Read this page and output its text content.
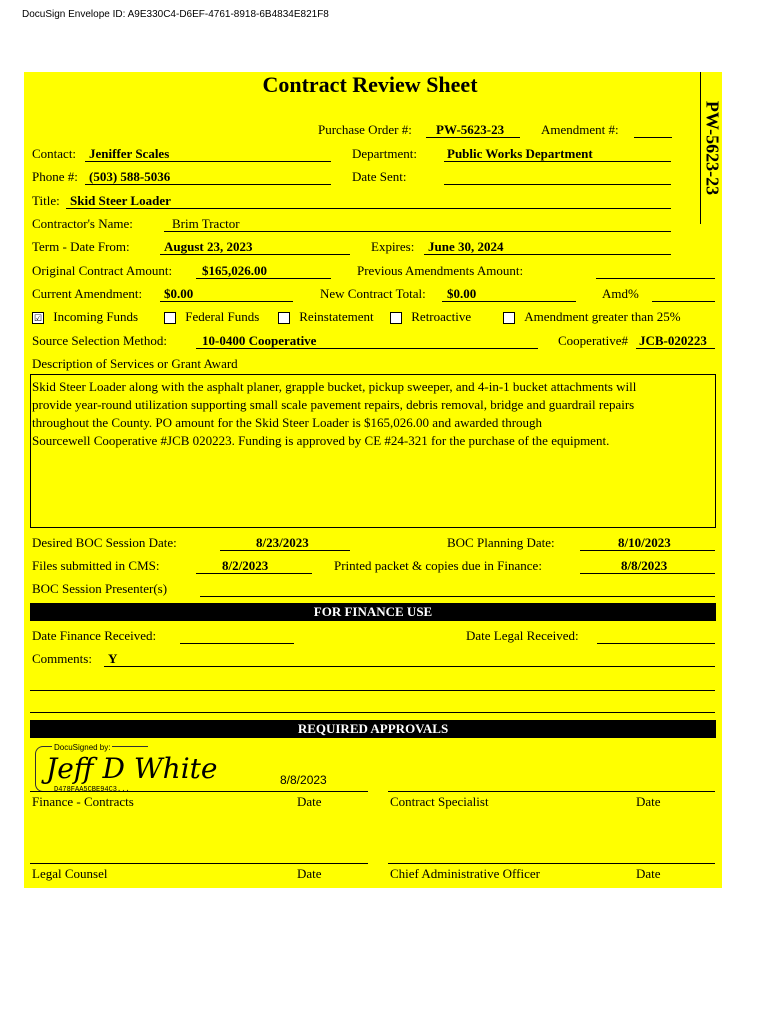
DocuSign Envelope ID: A9E330C4-D6EF-4761-8918-6B4834E821F8
Contract Review Sheet
PW-5623-23
Purchase Order #: PW-5623-23	Amendment #:
Contact: Jeniffer Scales	Department: Public Works Department
Phone #: (503) 588-5036	Date Sent:
Title: Skid Steer Loader
Contractor's Name:	Brim Tractor
Term - Date From:	August 23, 2023	Expires: June 30, 2024
Original Contract Amount: $165,026.00	Previous Amendments Amount:
Current Amendment: $0.00	New Contract Total: $0.00	Amd%
☑ Incoming Funds	Federal Funds	Reinstatement	Retroactive	Amendment greater than 25%
Source Selection Method:	10-0400 Cooperative	Cooperative# JCB-020223
Description of Services or Grant Award
Skid Steer Loader along with the asphalt planer, grapple bucket, pickup sweeper, and 4-in-1 bucket attachments will
provide year-round utilization supporting small scale pavement repairs, debris removal, bridge and guardrail repairs
throughout the County. PO amount for the Skid Steer Loader is $165,026.00 and awarded through
Sourcewell Cooperative #JCB 020223. Funding is approved by CE #24-321 for the purchase of the equipment.
Desired BOC Session Date:	8/23/2023	BOC Planning Date:	8/10/2023
Files submitted in CMS:	8/2/2023	Printed packet & copies due in Finance:	8/8/2023
BOC Session Presenter(s)
FOR FINANCE USE
Date Finance Received:	Date Legal Received:
Comments: Y
REQUIRED APPROVALS
DocuSigned by:
Jeff D White
D478FAA5CBE94C3...
8/8/2023
Finance - Contracts	Date	Contract Specialist	Date
Legal Counsel	Date	Chief Administrative Officer	Date
